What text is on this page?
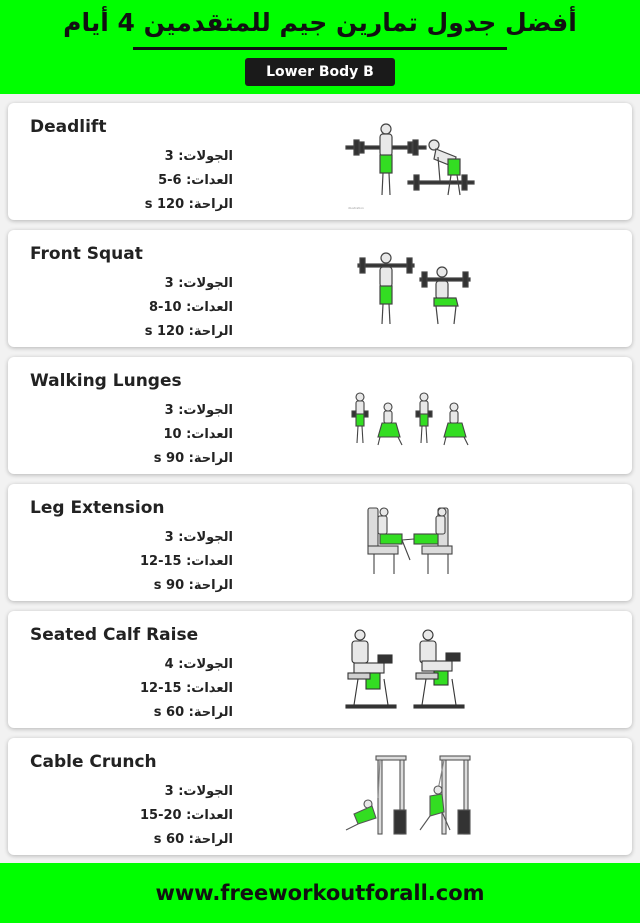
أفضل جدول تمارين جيم للمتقدمين 4 أيام
Lower Body B
Deadlift
الجولات: 3
العدات: 5-6
الراحة: 120 s	illustration
Front Squat
الجولات: 3
العدات: 8-10
الراحة: 120 s
Walking Lunges
الجولات: 3
العدات: 10
الراحة: 90 s
Leg Extension
الجولات: 3
العدات: 12-15
الراحة: 90 s
Seated Calf Raise
الجولات: 4
العدات: 12-15
الراحة: 60 s
Cable Crunch
الجولات: 3
العدات: 15-20
الراحة: 60 s
www.freeworkoutforall.com
